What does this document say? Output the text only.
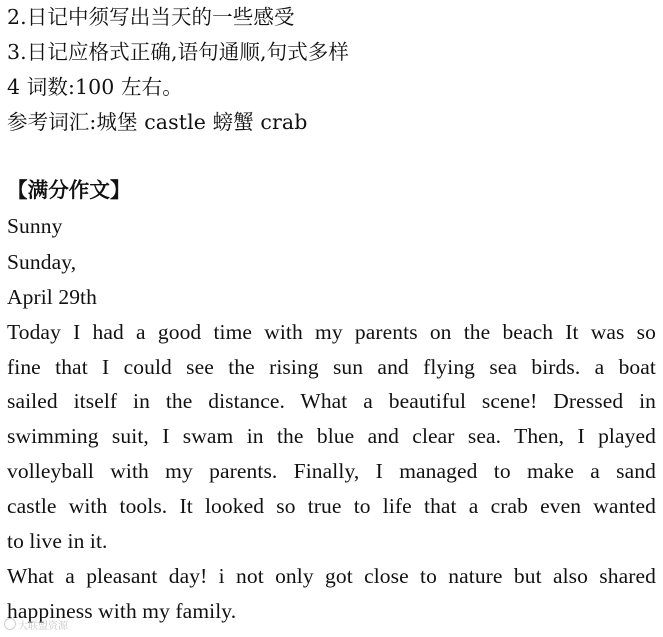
2.日记中须写出当天的一些感受
3.日记应格式正确,语句通顺,句式多样
4 词数:100 左右。
参考词汇:城堡 castle 螃蟹 crab
【满分作文】
Sunny
Sunday,
April 29th
Today I had a good time with my parents on the beach It was so
fine that I could see the rising sun and flying sea birds. a boat
sailed itself in the distance. What a beautiful scene! Dressed in
swimming suit, I swam in the blue and clear sea. Then, I played
volleyball with my parents. Finally, I managed to make a sand
castle with tools. It looked so true to life that a crab even wanted
to live in it.
What a pleasant day! i not only got close to nature but also shared
happiness with my family.
大联盟资源
